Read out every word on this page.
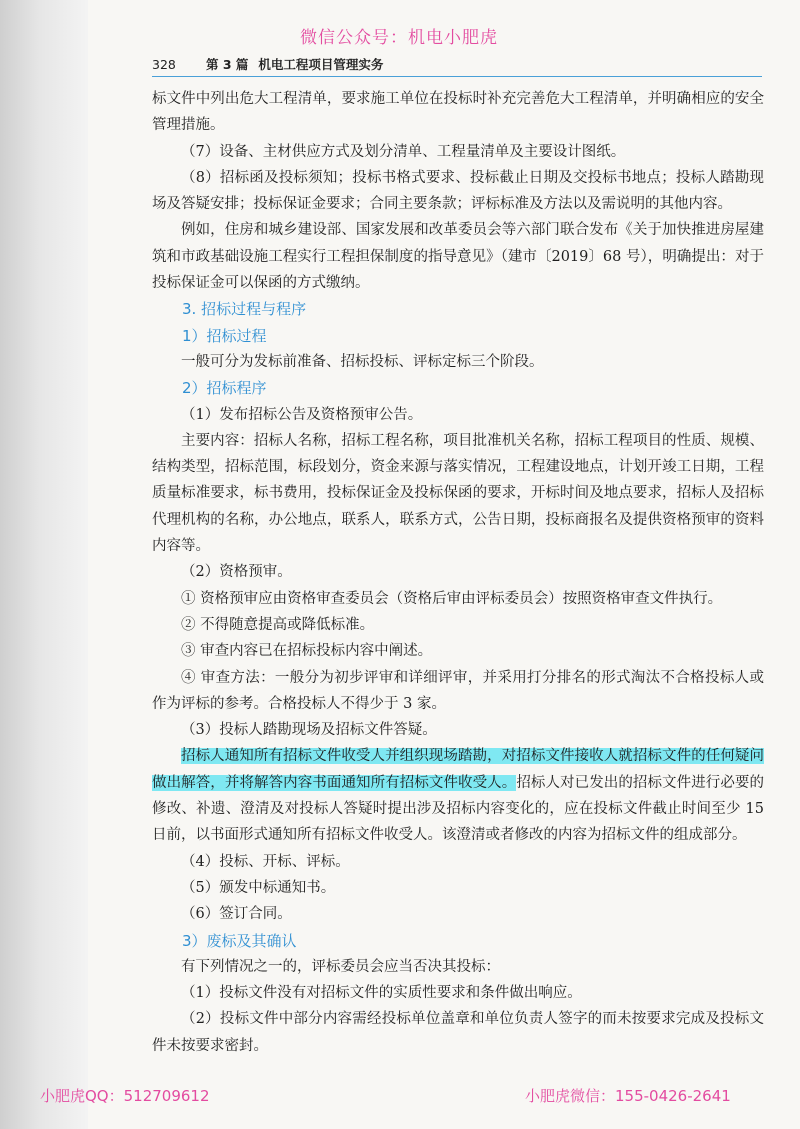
微信公众号：机电小肥虎
328 第 3 篇 机电工程项目管理实务

标文件中列出危大工程清单，要求施工单位在投标时补充完善危大工程清单，并明确相应的安全管理措施。

（7）设备、主材供应方式及划分清单、工程量清单及主要设计图纸。

（8）招标函及投标须知；投标书格式要求、投标截止日期及交投标书地点；投标人踏勘现场及答疑安排；投标保证金要求；合同主要条款；评标标准及方法以及需说明的其他内容。

例如，住房和城乡建设部、国家发展和改革委员会等六部门联合发布《关于加快推进房屋建筑和市政基础设施工程实行工程担保制度的指导意见》（建市〔2019〕68 号），明确提出：对于投标保证金可以保函的方式缴纳。

3. 招标过程与程序

1）招标过程

一般可分为发标前准备、招标投标、评标定标三个阶段。

2）招标程序

（1）发布招标公告及资格预审公告。

主要内容：招标人名称，招标工程名称，项目批准机关名称，招标工程项目的性质、规模、结构类型，招标范围，标段划分，资金来源与落实情况，工程建设地点，计划开竣工日期，工程质量标准要求，标书费用，投标保证金及投标保函的要求，开标时间及地点要求，招标人及招标代理机构的名称，办公地点，联系人，联系方式，公告日期，投标商报名及提供资格预审的资料内容等。

（2）资格预审。

① 资格预审应由资格审查委员会（资格后审由评标委员会）按照资格审查文件执行。

② 不得随意提高或降低标准。

③ 审查内容已在招标投标内容中阐述。

④ 审查方法：一般分为初步评审和详细评审，并采用打分排名的形式淘汰不合格投标人或作为评标的参考。合格投标人不得少于 3 家。

（3）投标人踏勘现场及招标文件答疑。

招标人通知所有招标文件收受人并组织现场踏勘，对招标文件接收人就招标文件的任何疑问做出解答，并将解答内容书面通知所有招标文件收受人。招标人对已发出的招标文件进行必要的修改、补遗、澄清及对投标人答疑时提出涉及招标内容变化的，应在投标文件截止时间至少 15 日前，以书面形式通知所有招标文件收受人。该澄清或者修改的内容为招标文件的组成部分。

（4）投标、开标、评标。

（5）颁发中标通知书。

（6）签订合同。

3）废标及其确认

有下列情况之一的，评标委员会应当否决其投标：

（1）投标文件没有对招标文件的实质性要求和条件做出响应。

（2）投标文件中部分内容需经投标单位盖章和单位负责人签字的而未按要求完成及投标文件未按要求密封。

小肥虎QQ：512709612	小肥虎微信：155-0426-2641
